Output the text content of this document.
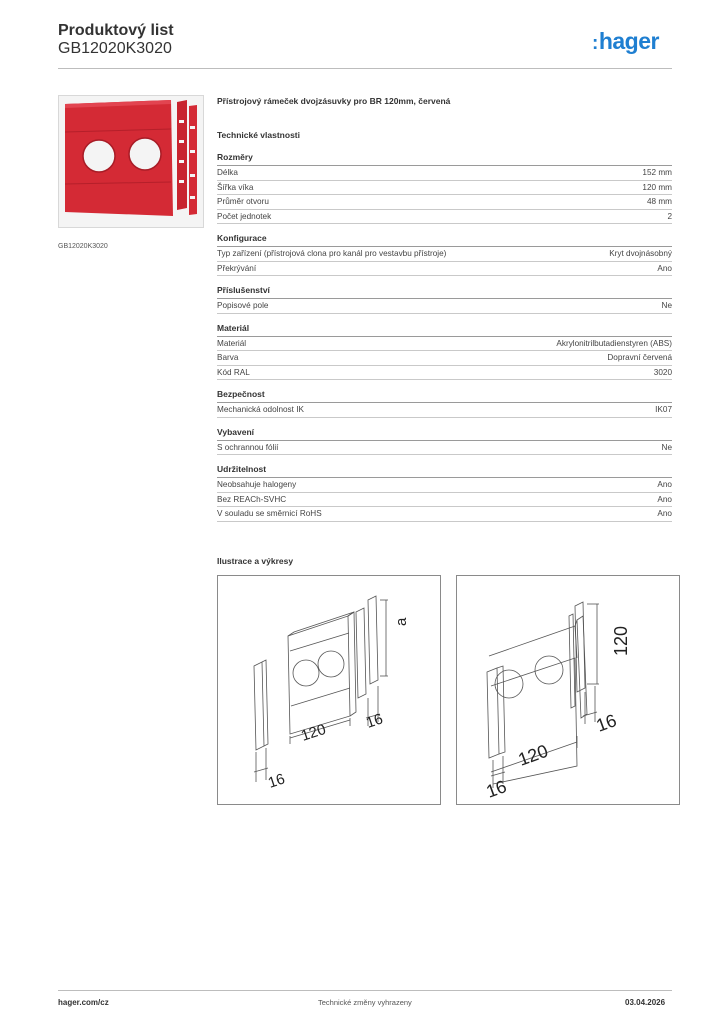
Produktový list
GB12020K3020	:hager
GB12020K3020
Přístrojový rámeček dvojzásuvky pro BR 120mm, červená
Technické vlastnosti
Rozměry
Délka	152 mm
Šířka víka	120 mm
Průměr otvoru	48 mm
Počet jednotek	2
Konfigurace
Typ zařízení (přístrojová clona pro kanál pro vestavbu přístroje)	Kryt dvojnásobný
Překrývání	Ano
Příslušenství
Popisové pole	Ne
Materiál
Materiál	Akrylonitrilbutadienstyren (ABS)
Barva	Dopravní červená
Kód RAL	3020
Bezpečnost
Mechanická odolnost IK	IK07
Vybavení
S ochrannou fólií	Ne
Udržitelnost
Neobsahuje halogeny	Ano
Bez REACh-SVHC	Ano
V souladu se směrnicí RoHS	Ano
Ilustrace a výkresy
120 16
16
a
120
16
16
120
hager.com/cz	Technické změny vyhrazeny	03.04.2026
